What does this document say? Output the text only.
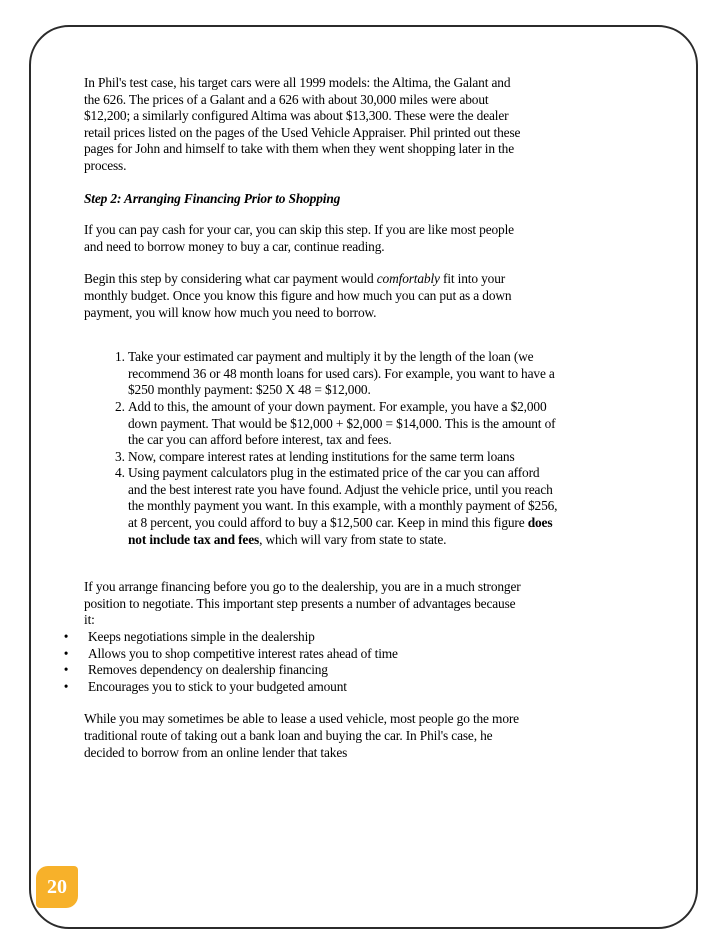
In Phil's test case, his target cars were all 1999 models: the Altima, the Galant and the 626. The prices of a Galant and a 626 with about 30,000 miles were about $12,200; a similarly configured Altima was about $13,300. These were the dealer retail prices listed on the pages of the Used Vehicle Appraiser. Phil printed out these pages for John and himself to take with them when they went shopping later in the process.

Step 2: Arranging Financing Prior to Shopping

If you can pay cash for your car, you can skip this step. If you are like most people and need to borrow money to buy a car, continue reading.

Begin this step by considering what car payment would comfortably fit into your monthly budget. Once you know this figure and how much you can put as a down payment, you will know how much you need to borrow.

1. Take your estimated car payment and multiply it by the length of the loan (we recommend 36 or 48 month loans for used cars). For example, you want to have a $250 monthly payment: $250 X 48 = $12,000.
2. Add to this, the amount of your down payment. For example, you have a $2,000 down payment. That would be $12,000 + $2,000 = $14,000. This is the amount of the car you can afford before interest, tax and fees.
3. Now, compare interest rates at lending institutions for the same term loans
4. Using payment calculators plug in the estimated price of the car you can afford and the best interest rate you have found. Adjust the vehicle price, until you reach the monthly payment you want. In this example, with a monthly payment of $256, at 8 percent, you could afford to buy a $12,500 car. Keep in mind this figure does not include tax and fees, which will vary from state to state.

If you arrange financing before you go to the dealership, you are in a much stronger position to negotiate. This important step presents a number of advantages because it:

•	Keeps negotiations simple in the dealership
•	Allows you to shop competitive interest rates ahead of time
•	Removes dependency on dealership financing
•	Encourages you to stick to your budgeted amount

While you may sometimes be able to lease a used vehicle, most people go the more traditional route of taking out a bank loan and buying the car. In Phil's case, he decided to borrow from an online lender that takes

20
